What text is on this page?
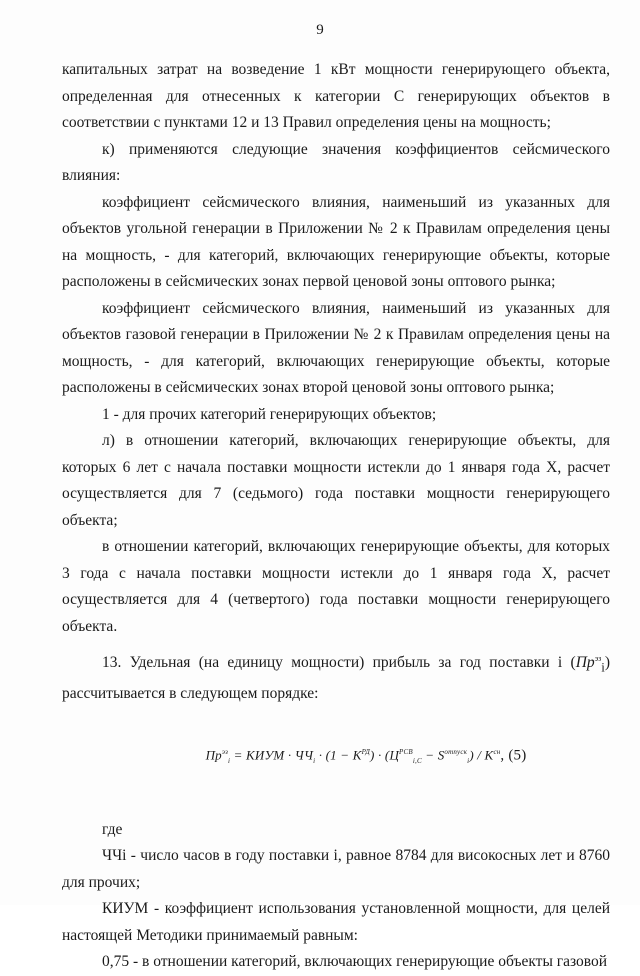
9

капитальных затрат на возведение 1 кВт мощности генерирующего объекта, определенная для отнесенных к категории С генерирующих объектов в соответствии с пунктами 12 и 13 Правил определения цены на мощность;

к) применяются следующие значения коэффициентов сейсмического влияния:

коэффициент сейсмического влияния, наименьший из указанных для объектов угольной генерации в Приложении № 2 к Правилам определения цены на мощность, - для категорий, включающих генерирующие объекты, которые расположены в сейсмических зонах первой ценовой зоны оптового рынка;

коэффициент сейсмического влияния, наименьший из указанных для объектов газовой генерации в Приложении № 2 к Правилам определения цены на мощность, - для категорий, включающих генерирующие объекты, которые расположены в сейсмических зонах второй ценовой зоны оптового рынка;

1 - для прочих категорий генерирующих объектов;

л) в отношении категорий, включающих генерирующие объекты, для которых 6 лет с начала поставки мощности истекли до 1 января года X, расчет осуществляется для 7 (седьмого) года поставки мощности генерирующего объекта;

в отношении категорий, включающих генерирующие объекты, для которых 3 года с начала поставки мощности истекли до 1 января года X, расчет осуществляется для 4 (четвертого) года поставки мощности генерирующего объекта.

13. Удельная (на единицу мощности) прибыль за год поставки i $(Пр^{эз}_i)$ рассчитывается в следующем порядке:

$Пр^{эз}_i$ = КИУМ · $ЧЧ_i \cdot (1 - K^{РД}) \cdot (Ц^{РСВ}_{i,C} - S^{отпуск}_i) / K^{сн}$, (5)

где

ЧЧi - число часов в году поставки i, равное 8784 для високосных лет и 8760 для прочих;

КИУМ - коэффициент использования установленной мощности, для целей настоящей Методики принимаемый равным:

0,75 - в отношении категорий, включающих генерирующие объекты газовой
